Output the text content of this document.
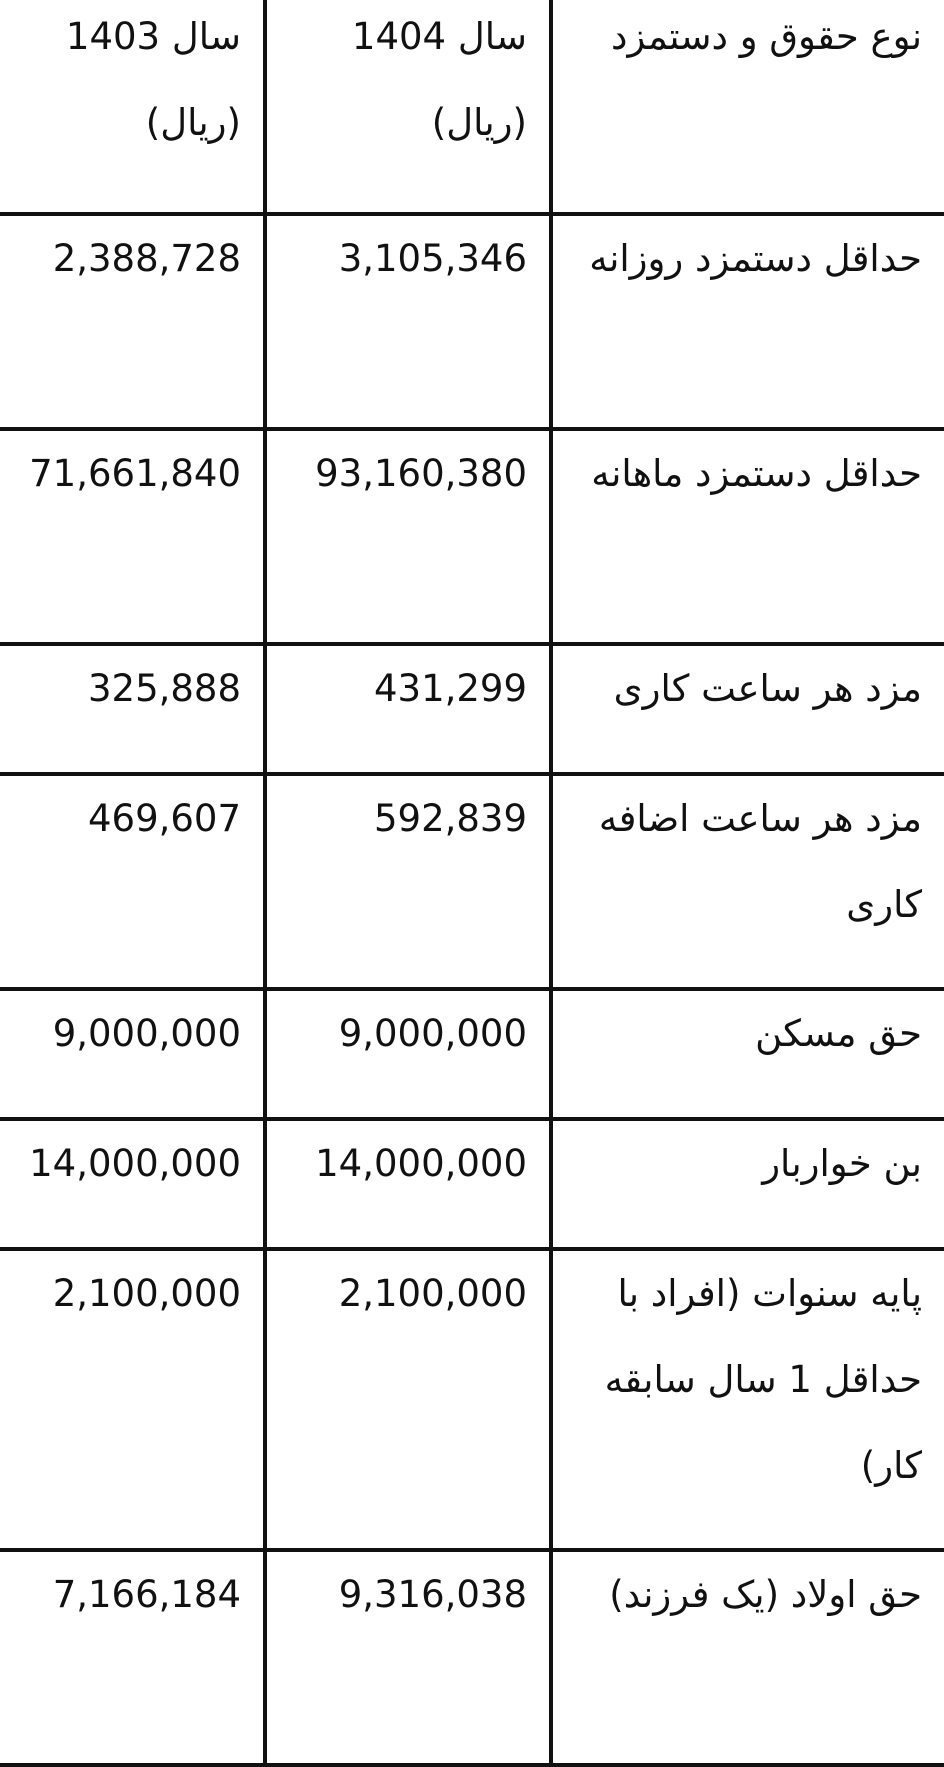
نوع حقوق و دستمزد	سال 1404 (ریال)	سال 1403 (ریال)
حداقل دستمزد روزانه	3,105,346	2,388,728
حداقل دستمزد ماهانه	93,160,380	71,661,840
مزد هر ساعت کاری	431,299	325,888
مزد هر ساعت اضافه کاری	592,839	469,607
حق مسکن	9,000,000	9,000,000
بن خواربار	14,000,000	14,000,000
پایه سنوات (افراد با حداقل 1 سال سابقه کار)	2,100,000	2,100,000
حق اولاد (یک فرزند)	9,316,038	7,166,184
